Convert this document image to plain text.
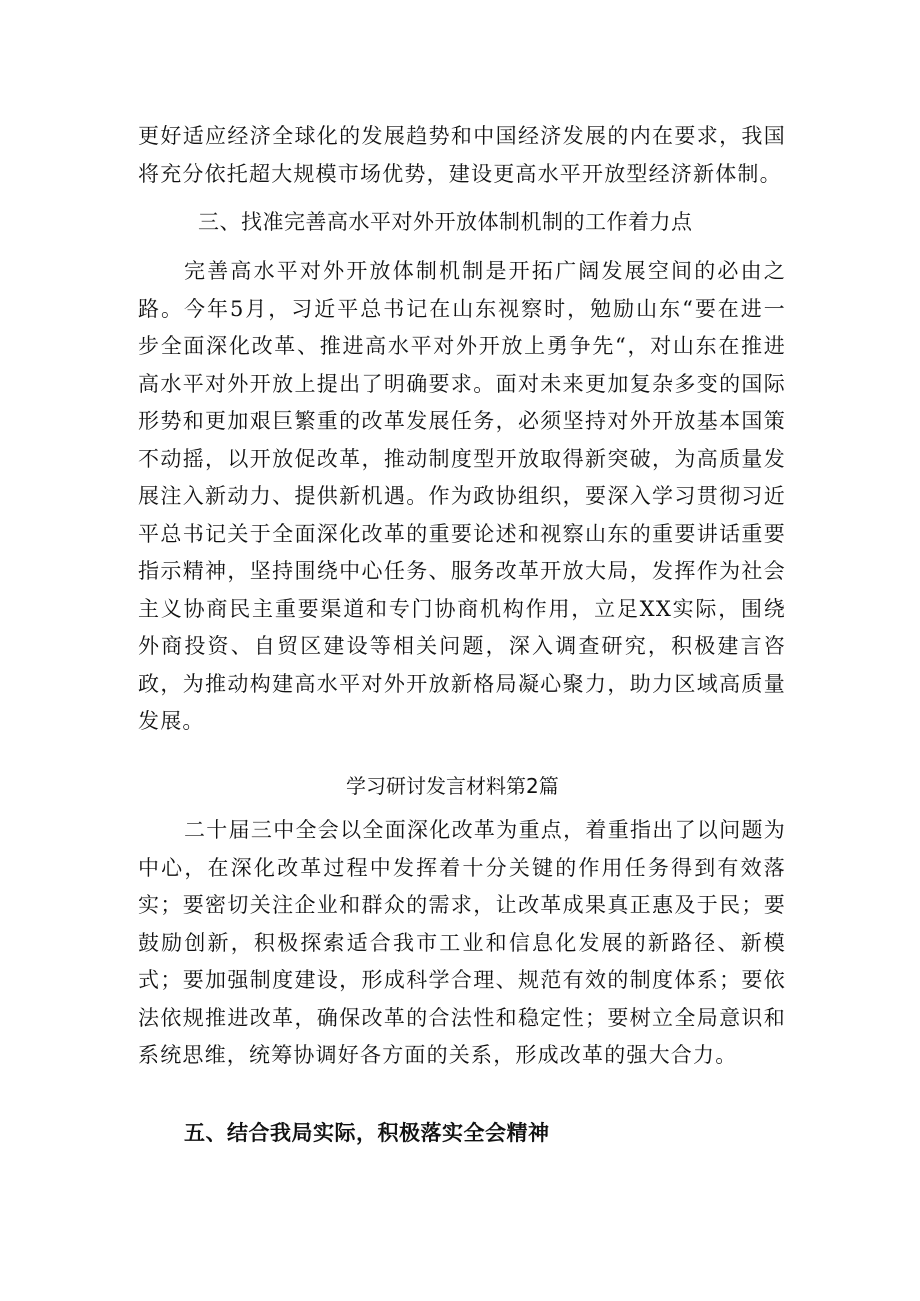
更好适应经济全球化的发展趋势和中国经济发展的内在要求，我国将充分依托超大规模市场优势，建设更高水平开放型经济新体制。

三、找准完善高水平对外开放体制机制的工作着力点

完善高水平对外开放体制机制是开拓广阔发展空间的必由之路。今年5月，习近平总书记在山东视察时，勉励山东“要在进一步全面深化改革、推进高水平对外开放上勇争先“，对山东在推进高水平对外开放上提出了明确要求。面对未来更加复杂多变的国际形势和更加艰巨繁重的改革发展任务，必须坚持对外开放基本国策不动摇，以开放促改革，推动制度型开放取得新突破，为高质量发展注入新动力、提供新机遇。作为政协组织，要深入学习贯彻习近平总书记关于全面深化改革的重要论述和视察山东的重要讲话重要指示精神，坚持围绕中心任务、服务改革开放大局，发挥作为社会主义协商民主重要渠道和专门协商机构作用，立足XX实际，围绕外商投资、自贸区建设等相关问题，深入调查研究，积极建言咨政，为推动构建高水平对外开放新格局凝心聚力，助力区域高质量发展。

学习研讨发言材料第2篇

二十届三中全会以全面深化改革为重点，着重指出了以问题为中心，在深化改革过程中发挥着十分关键的作用任务得到有效落实；要密切关注企业和群众的需求，让改革成果真正惠及于民；要鼓励创新，积极探索适合我市工业和信息化发展的新路径、新模式；要加强制度建设，形成科学合理、规范有效的制度体系；要依法依规推进改革，确保改革的合法性和稳定性；要树立全局意识和系统思维，统筹协调好各方面的关系，形成改革的强大合力。

五、结合我局实际，积极落实全会精神
